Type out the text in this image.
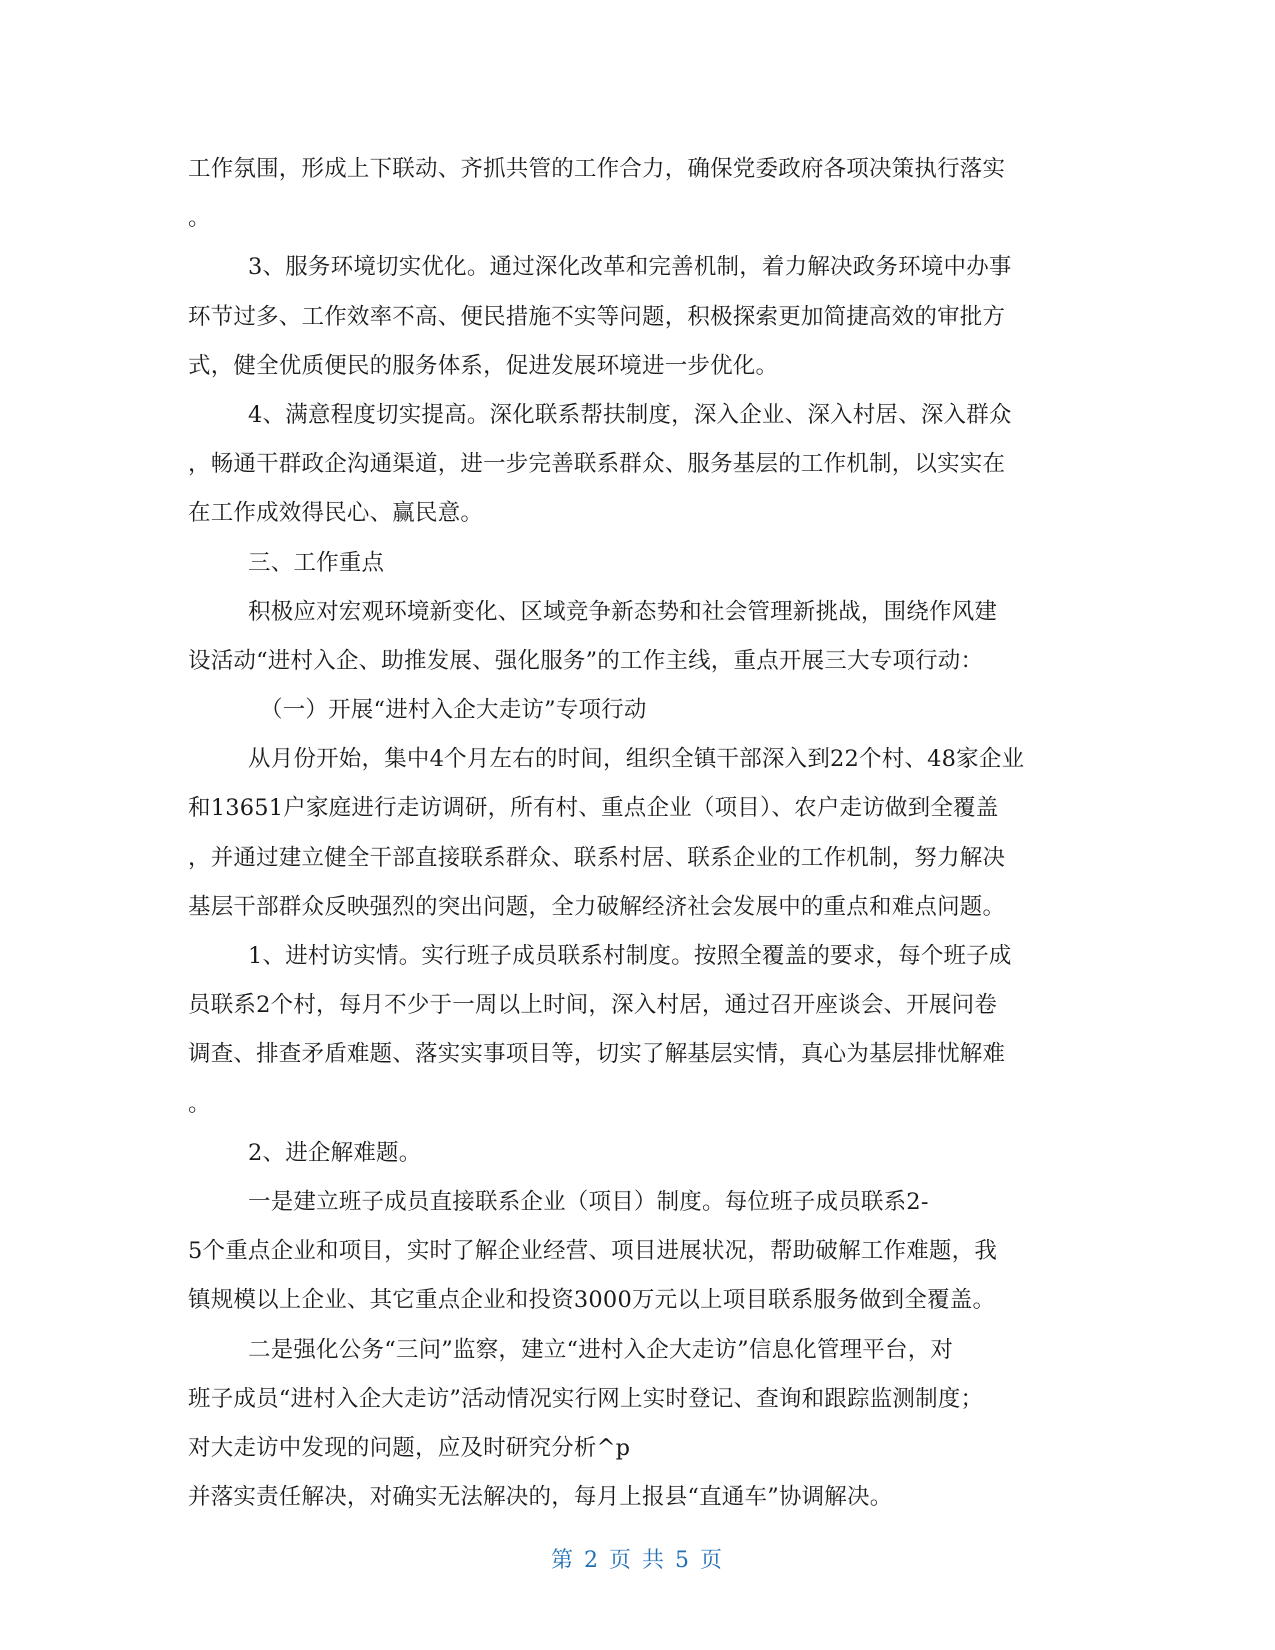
工作氛围，形成上下联动、齐抓共管的工作合力，确保党委政府各项决策执行落实
。
3、服务环境切实优化。通过深化改革和完善机制，着力解决政务环境中办事
环节过多、工作效率不高、便民措施不实等问题，积极探索更加简捷高效的审批方
式，健全优质便民的服务体系，促进发展环境进一步优化。
4、满意程度切实提高。深化联系帮扶制度，深入企业、深入村居、深入群众
，畅通干群政企沟通渠道，进一步完善联系群众、服务基层的工作机制，以实实在
在工作成效得民心、赢民意。
三、工作重点
积极应对宏观环境新变化、区域竞争新态势和社会管理新挑战，围绕作风建
设活动“进村入企、助推发展、强化服务”的工作主线，重点开展三大专项行动：
（一）开展“进村入企大走访”专项行动
从月份开始，集中4个月左右的时间，组织全镇干部深入到22个村、48家企业
和13651户家庭进行走访调研，所有村、重点企业（项目）、农户走访做到全覆盖
，并通过建立健全干部直接联系群众、联系村居、联系企业的工作机制，努力解决
基层干部群众反映强烈的突出问题，全力破解经济社会发展中的重点和难点问题。
1、进村访实情。实行班子成员联系村制度。按照全覆盖的要求，每个班子成
员联系2个村，每月不少于一周以上时间，深入村居，通过召开座谈会、开展问卷
调查、排查矛盾难题、落实实事项目等，切实了解基层实情，真心为基层排忧解难
。
2、进企解难题。
一是建立班子成员直接联系企业（项目）制度。每位班子成员联系2-
5个重点企业和项目，实时了解企业经营、项目进展状况，帮助破解工作难题，我
镇规模以上企业、其它重点企业和投资3000万元以上项目联系服务做到全覆盖。
二是强化公务“三问”监察，建立“进村入企大走访”信息化管理平台，对
班子成员“进村入企大走访”活动情况实行网上实时登记、查询和跟踪监测制度；
对大走访中发现的问题，应及时研究分析^p
并落实责任解决，对确实无法解决的，每月上报县“直通车”协调解决。
第 2 页 共 5 页
